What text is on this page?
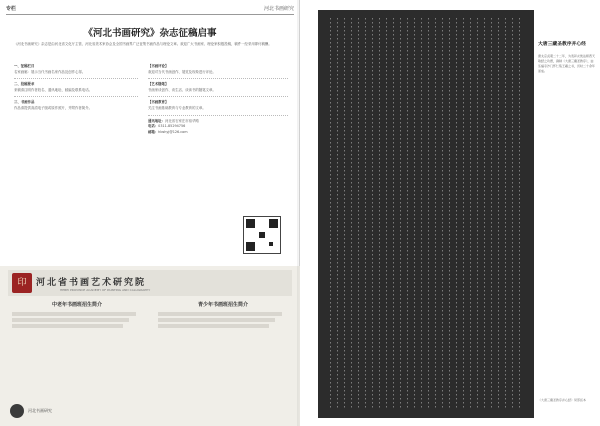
专栏	河北书画研究
《河北书画研究》杂志征稿启事
《河北书画研究》杂志是由河北省文化厅主管、河北省美术家协会及全国书画界广泛征集书画作品与理论文章。欢迎广大书画家、理论家积极投稿，稿件一经采用即付稿酬。
一、征稿栏目
名家画廊：展示当代书画名家作品及创作心得。
二、投稿要求
来稿请注明作者姓名、通讯地址、邮编及联系电话。
三、书画作品
作品请提供高清电子版或原作照片，并附作者简介。
【书画评论】
欢迎对当代书画创作、展览及现象进行评论。
【艺术随笔】
书画家谈创作、谈生活、谈读书的随笔文章。
【书画教育】
关注书画基础教育与专业教育的文章。
通讯地址：河北省石家庄市裕华路
电话：0311-85294756
邮箱：hbshyj@126.com
印	河北省书画艺术研究院
HEBEI PROVINCE ACADEMY OF PAINTING AND CALLIGRAPHY
中老年书画班招生简介	青少年书画班招生简介
河北书画研究
大唐三藏圣教序并心经
唐太宗贞观二十二年，为表彰玄奘法师西天取经之功德，御制《大唐三藏圣教序》，由弘福寺沙门怀仁集王羲之书，历时二十余年而成。
《大唐三藏圣教序并心经》局部拓本
